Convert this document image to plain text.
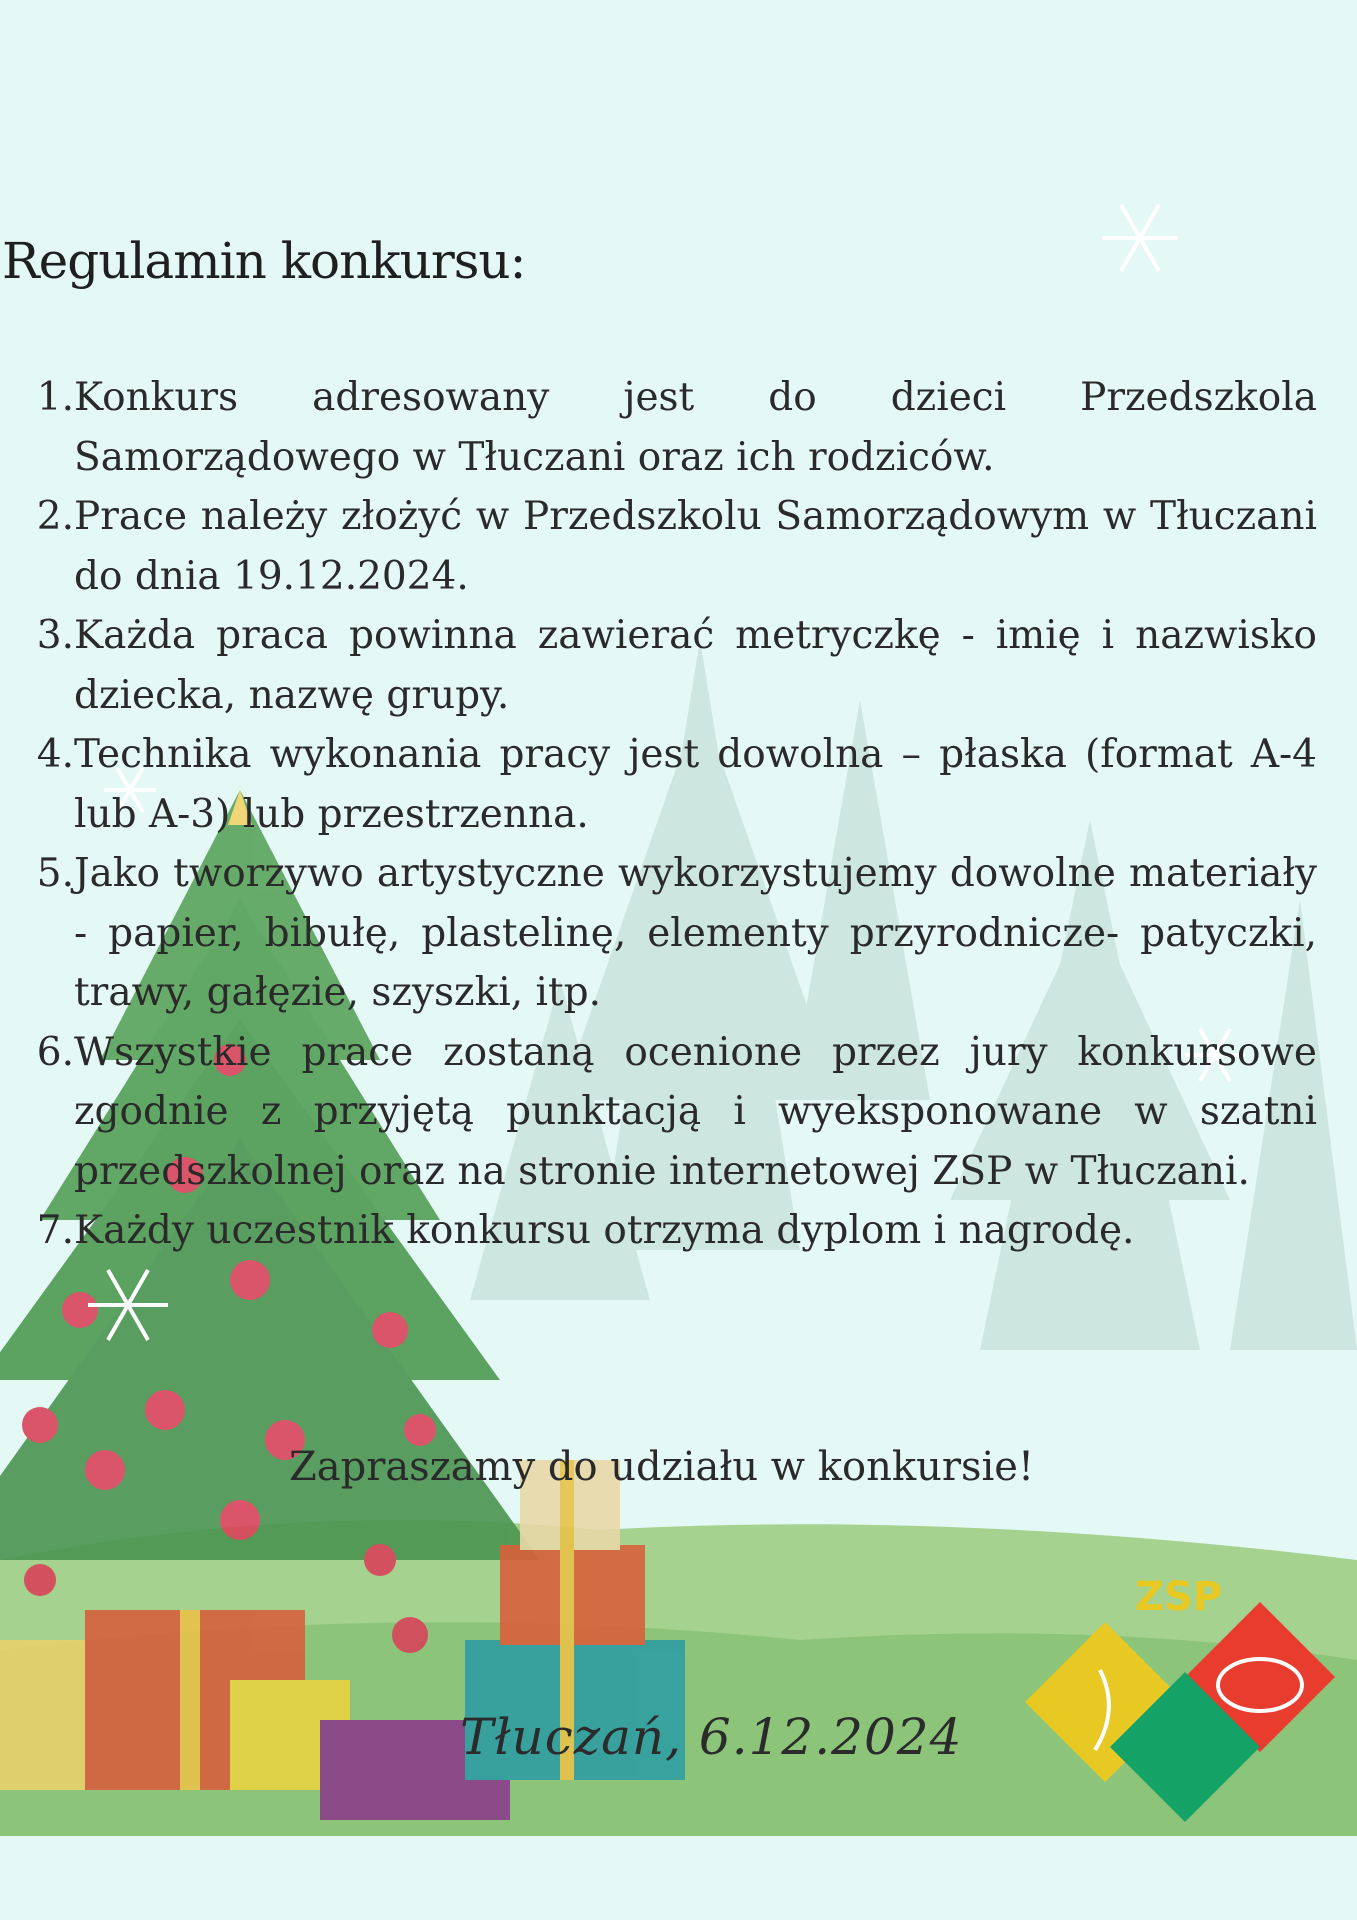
Regulamin konkursu:
1. Konkurs adresowany jest do dzieci Przedszkola Samorządowego w Tłuczani oraz ich rodziców.
2. Prace należy złożyć w Przedszkolu Samorządowym w Tłuczani do dnia 19.12.2024.
3. Każda praca powinna zawierać metryczkę - imię i nazwisko dziecka, nazwę grupy.
4. Technika wykonania pracy jest dowolna – płaska (format A-4 lub A-3) lub przestrzenna.
5. Jako tworzywo artystyczne wykorzystujemy dowolne materiały - papier, bibułę, plastelinę, elementy przyrodnicze- patyczki, trawy, gałęzie, szyszki, itp.
6. Wszystkie prace zostaną ocenione przez jury konkursowe zgodnie z przyjętą punktacją i wyeksponowane w szatni przedszkolnej oraz na stronie internetowej ZSP w Tłuczani.
7. Każdy uczestnik konkursu otrzyma dyplom i nagrodę.
Zapraszamy do udziału w konkursie!
Tłuczań, 6.12.2024
ZSP
